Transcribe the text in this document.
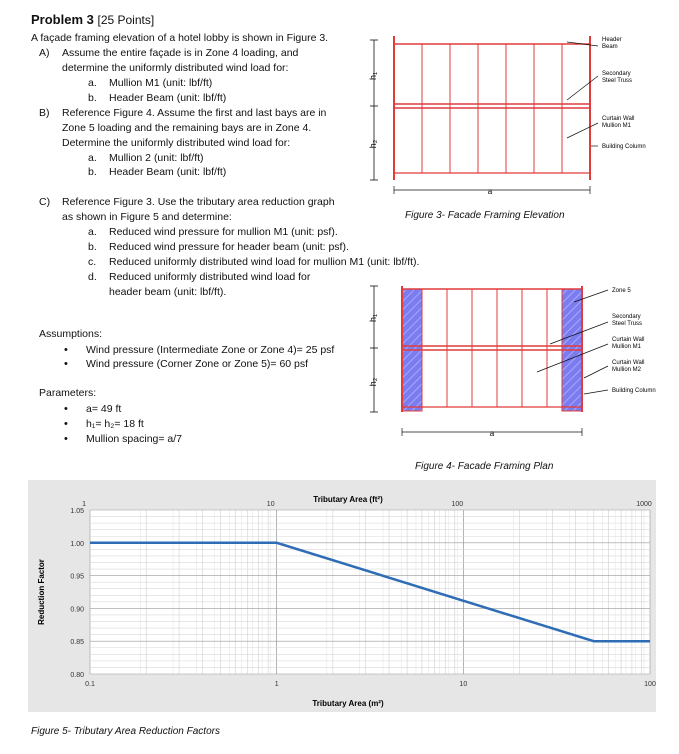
Problem 3 [25 Points]
A façade framing elevation of a hotel lobby is shown in Figure 3.
A) Assume the entire façade is in Zone 4 loading, and
determine the uniformly distributed wind load for:
a. Mullion M1 (unit: lbf/ft)
b. Header Beam (unit: lbf/ft)
B) Reference Figure 4. Assume the first and last bays are in
Zone 5 loading and the remaining bays are in Zone 4.
Determine the uniformly distributed wind load for:
a. Mullion 2 (unit: lbf/ft)
b. Header Beam (unit: lbf/ft)
C) Reference Figure 3. Use the tributary area reduction graph
as shown in Figure 5 and determine:
a. Reduced wind pressure for mullion M1 (unit: psf).
b. Reduced wind pressure for header beam (unit: psf).
c. Reduced uniformly distributed wind load for mullion M1 (unit: lbf/ft).
d. Reduced uniformly distributed wind load for
header beam (unit: lbf/ft).
Assumptions:
• Wind pressure (Intermediate Zone or Zone 4)= 25 psf
• Wind pressure (Corner Zone or Zone 5)= 60 psf
Parameters:
• a= 49 ft
• h₁= h₂= 18 ft
• Mullion spacing= a/7
h₁
h₂
Header
Beam
Secondary
Steel Truss
Curtain Wall
Mullion M1
Building Column
a
Figure 3- Facade Framing Elevation
h₁
h₂
Zone 5
Secondary
Steel Truss
Curtain Wall
Mullion M1
Curtain Wall
Mullion M2
Building Column
a
Figure 4- Facade Framing Plan
1.05
1.00
0.95
0.90
0.85
0.80
0.1	1	10	100
1	10	100	1000
Tributary Area (ft²)
Tributary Area (m²)
Reduction Factor
Figure 5- Tributary Area Reduction Factors
